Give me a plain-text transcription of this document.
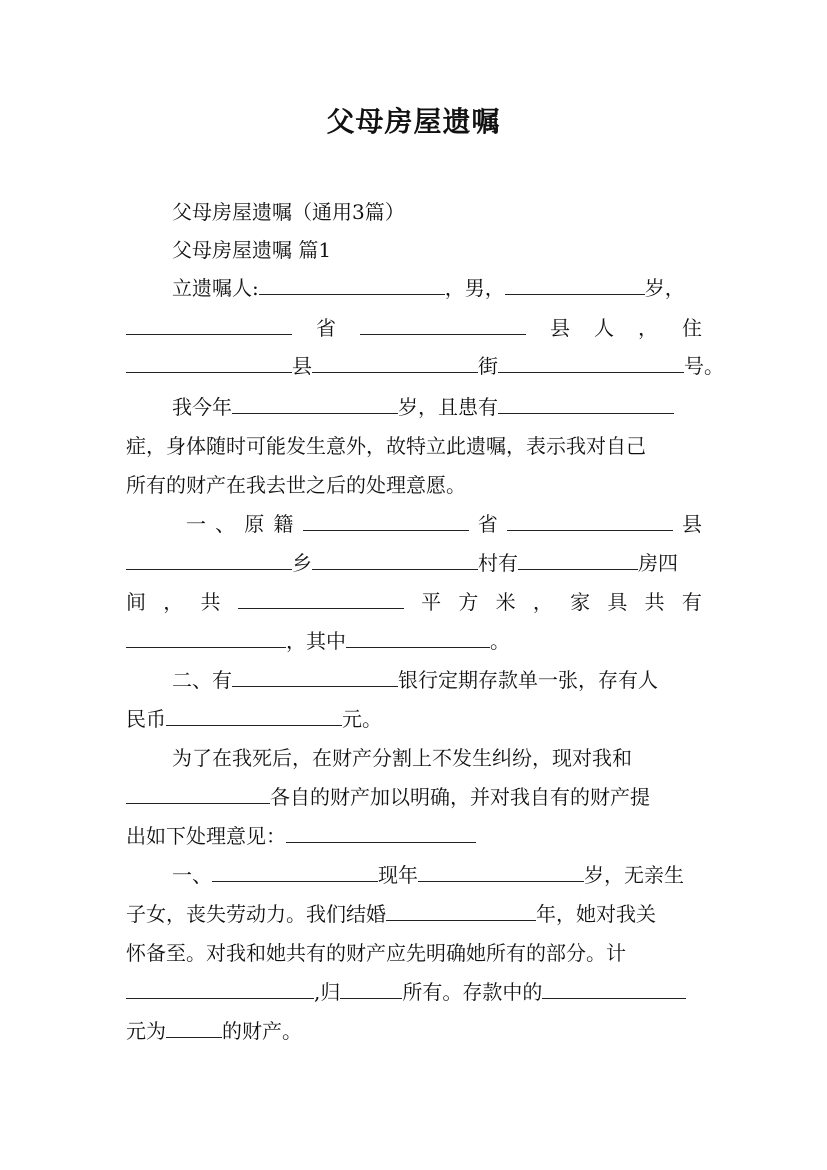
父母房屋遗嘱
父母房屋遗嘱（通用3篇）
父母房屋遗嘱 篇1
立遗嘱人:	，男，	岁，
省	县 人 ， 住
县	街	号。
我今年	岁，且患有
症，身体随时可能发生意外，故特立此遗嘱，表示我对自己
所有的财产在我去世之后的处理意愿。
一 、 原 籍	省	县
乡	村有	房四
间 ， 共	平 方 米 ， 家 具 共 有
，其中	。
二、有	银行定期存款单一张，存有人
民币	元。
为了在我死后，在财产分割上不发生纠纷，现对我和
各自的财产加以明确，并对我自有的财产提
出如下处理意见：
一、	现年	岁，无亲生
子女，丧失劳动力。我们结婚	年，她对我关
怀备至。对我和她共有的财产应先明确她所有的部分。计
,归	所有。存款中的
元为	的财产。
